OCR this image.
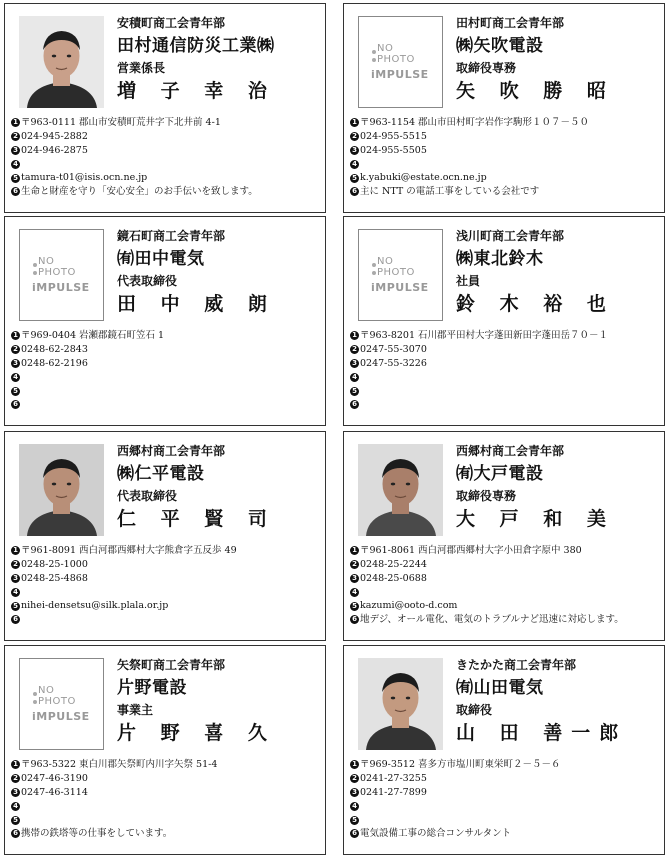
安積町商工会青年部
田村通信防災工業㈱
営業係長
増 子 幸 治
1 〒963-0111 郡山市安積町荒井字下北井前 4-1
2 024-945-2882
3 024-946-2875
4
5 tamura-t01@isis.ocn.ne.jp
6 生命と財産を守り「安心安全」のお手伝いを致します。
NO
PHOTO
iMPULSE
田村町商工会青年部
㈱矢吹電設
取締役専務
矢 吹 勝 昭
1 〒963-1154 郡山市田村町字岩作字駒形１０７－５０
2 024-955-5515
3 024-955-5505
4
5 k.yabuki@estate.ocn.ne.jp
6 主に NTT の電話工事をしている会社です
NO
PHOTO
iMPULSE
鏡石町商工会青年部
㈲田中電気
代表取締役
田 中 威 朗
1 〒969-0404 岩瀬郡鏡石町笠石 1
2 0248-62-2843
3 0248-62-2196
4
5
6
NO
PHOTO
iMPULSE
浅川町商工会青年部
㈱東北鈴木
社員
鈴 木 裕 也
1 〒963-8201 石川郡平田村大字蓬田新田字蓬田岳７０－１
2 0247-55-3070
3 0247-55-3226
4
5
6
西郷村商工会青年部
㈱仁平電設
代表取締役
仁 平 賢 司
1 〒961-8091 西白河郡西郷村大字熊倉字五反歩 49
2 0248-25-1000
3 0248-25-4868
4
5 nihei-densetsu@silk.plala.or.jp
6
西郷村商工会青年部
㈲大戸電設
取締役専務
大 戸 和 美
1 〒961-8061 西白河郡西郷村大字小田倉字原中 380
2 0248-25-2244
3 0248-25-0688
4
5 kazumi@ooto-d.com
6 地デジ、オール電化、電気のトラブルナど迅速に対応します。
NO
PHOTO
iMPULSE
矢祭町商工会青年部
片野電設
事業主
片 野 喜 久
1 〒963-5322 東白川郡矢祭町内川字矢祭 51-4
2 0247-46-3190
3 0247-46-3114
4
5
6 携帯の鉄塔等の仕事をしています。
きたかた商工会青年部
㈲山田電気
取締役
山 田 善一郎
1 〒969-3512 喜多方市塩川町東栄町２－５－６
2 0241-27-3255
3 0241-27-7899
4
5
6 電気設備工事の総合コンサルタント
